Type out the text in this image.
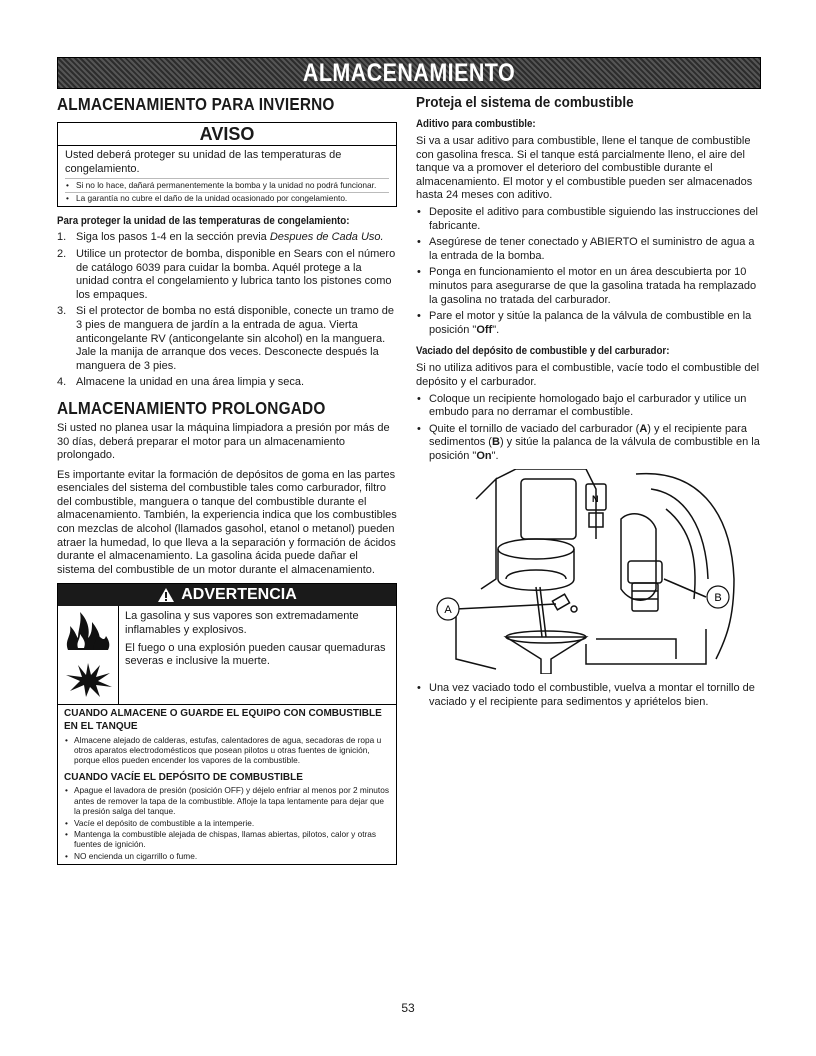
ALMACENAMIENTO
ALMACENAMIENTO PARA INVIERNO
AVISO

Usted deberá proteger su unidad de las temperaturas de congelamiento.

• Si no lo hace, dañará permanentemente la bomba y la unidad no podrá funcionar.
• La garantía no cubre el daño de la unidad ocasionado por congelamiento.
Para proteger la unidad de las temperaturas de congelamiento:
1. Siga los pasos 1-4 en la sección previa Despues de Cada Uso.
2. Utilice un protector de bomba, disponible en Sears con el número de catálogo 6039 para cuidar la bomba. Aquél protege a la unidad contra el congelamiento y lubrica tanto los pistones como los empaques.
3. Si el protector de bomba no está disponible, conecte un tramo de 3 pies de manguera de jardín a la entrada de agua. Vierta anticongelante RV (anticongelante sin alcohol) en la manguera. Jale la manija de arranque dos veces. Desconecte después la manguera de 3 pies.
4. Almacene la unidad en una área limpia y seca.
ALMACENAMIENTO PROLONGADO

Si usted no planea usar la máquina limpiadora a presión por más de 30 días, deberá preparar el motor para un almacenamiento prolongado.

Es importante evitar la formación de depósitos de goma en las partes esenciales del sistema del combustible tales como carburador, filtro del combustible, manguera o tanque del combustible durante el almacenamiento. También, la experiencia indica que los combustibles con mezclas de alcohol (llamados gasohol, etanol o metanol) pueden atraer la humedad, lo que lleva a la separación y formación de ácidos durante el almacenamiento. La gasolina ácida puede dañar el sistema del combustible de un motor durante el almacenamiento.

ADVERTENCIA

La gasolina y sus vapores son extremadamente inflamables y explosivos.

El fuego o una explosión pueden causar quemaduras severas e inclusive la muerte.

CUANDO ALMACENE O GUARDE EL EQUIPO CON COMBUSTIBLE EN EL TANQUE
• Almacene alejado de calderas, estufas, calentadores de agua, secadoras de ropa u otros aparatos electrodomésticos que posean pilotos u otras fuentes de ignición, porque ellos pueden encender los vapores de la combustible.
CUANDO VACÍE EL DEPÓSITO DE COMBUSTIBLE
• Apague el lavadora de presión (posición OFF) y déjelo enfriar al menos por 2 minutos antes de remover la tapa de la combustible. Afloje la tapa lentamente para dejar que la presión salga del tanque.
• Vacíe el depósito de combustible a la intemperie.
• Mantenga la combustible alejada de chispas, llamas abiertas, pilotos, calor y otras fuentes de ignición.
• NO encienda un cigarrillo o fume.
Proteja el sistema de combustible
Aditivo para combustible:

Si va a usar aditivo para combustible, llene el tanque de combustible con gasolina fresca. Si el tanque está parcialmente lleno, el aire del tanque va a promover el deterioro del combustible durante el almacenamiento. El motor y el combustible pueden ser almacenados hasta 24 meses con aditivo.

• Deposite el aditivo para combustible siguiendo las instrucciones del fabricante.
• Asegúrese de tener conectado y ABIERTO el suministro de agua a la entrada de la bomba.
• Ponga en funcionamiento el motor en un área descubierta por 10 minutos para asegurarse de que la gasolina tratada ha remplazado la gasolina no tratada del carburador.
• Pare el motor y sitúe la palanca de la válvula de combustible en la posición "Off".
Vaciado del depósito de combustible y del carburador:

Si no utiliza aditivos para el combustible, vacíe todo el combustible del depósito y el carburador.

• Coloque un recipiente homologado bajo el carburador y utilice un embudo para no derramar el combustible.
• Quite el tornillo de vaciado del carburador (A) y el recipiente para sedimentos (B) y sitúe la palanca de la válvula de combustible en la posición "On".
N
A
B
• Una vez vaciado todo el combustible, vuelva a montar el tornillo de vaciado y el recipiente para sedimentos y apriételos bien.
53
